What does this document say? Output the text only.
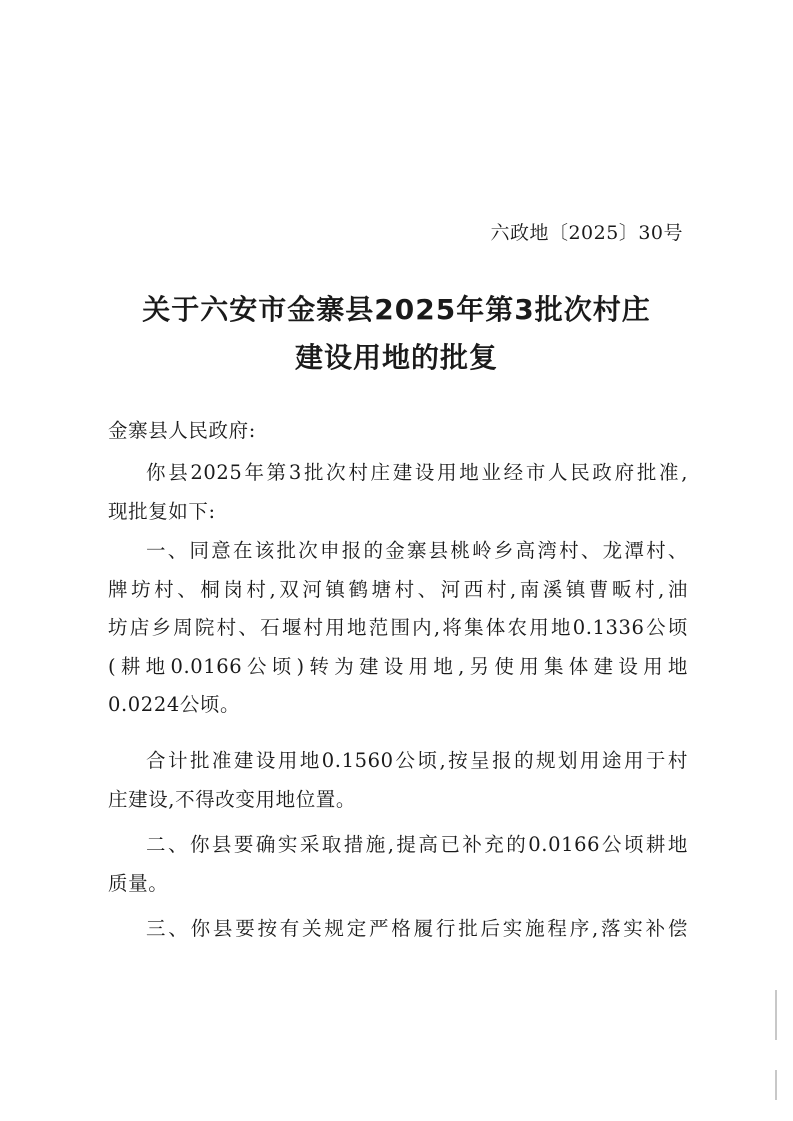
六政地〔2025〕30号
关于六安市金寨县2025年第3批次村庄
建设用地的批复
金寨县人民政府:
你县2025年第3批次村庄建设用地业经市人民政府批准,
现批复如下:
一、同意在该批次申报的金寨县桃岭乡高湾村、龙潭村、
牌坊村、桐岗村,双河镇鹤塘村、河西村,南溪镇曹畈村,油
坊店乡周院村、石堰村用地范围内,将集体农用地0.1336公顷
(耕地0.0166公顷)转为建设用地,另使用集体建设用地
0.0224公顷。
合计批准建设用地0.1560公顷,按呈报的规划用途用于村
庄建设,不得改变用地位置。
二、你县要确实采取措施,提高已补充的0.0166公顷耕地
质量。
三、你县要按有关规定严格履行批后实施程序,落实补偿
